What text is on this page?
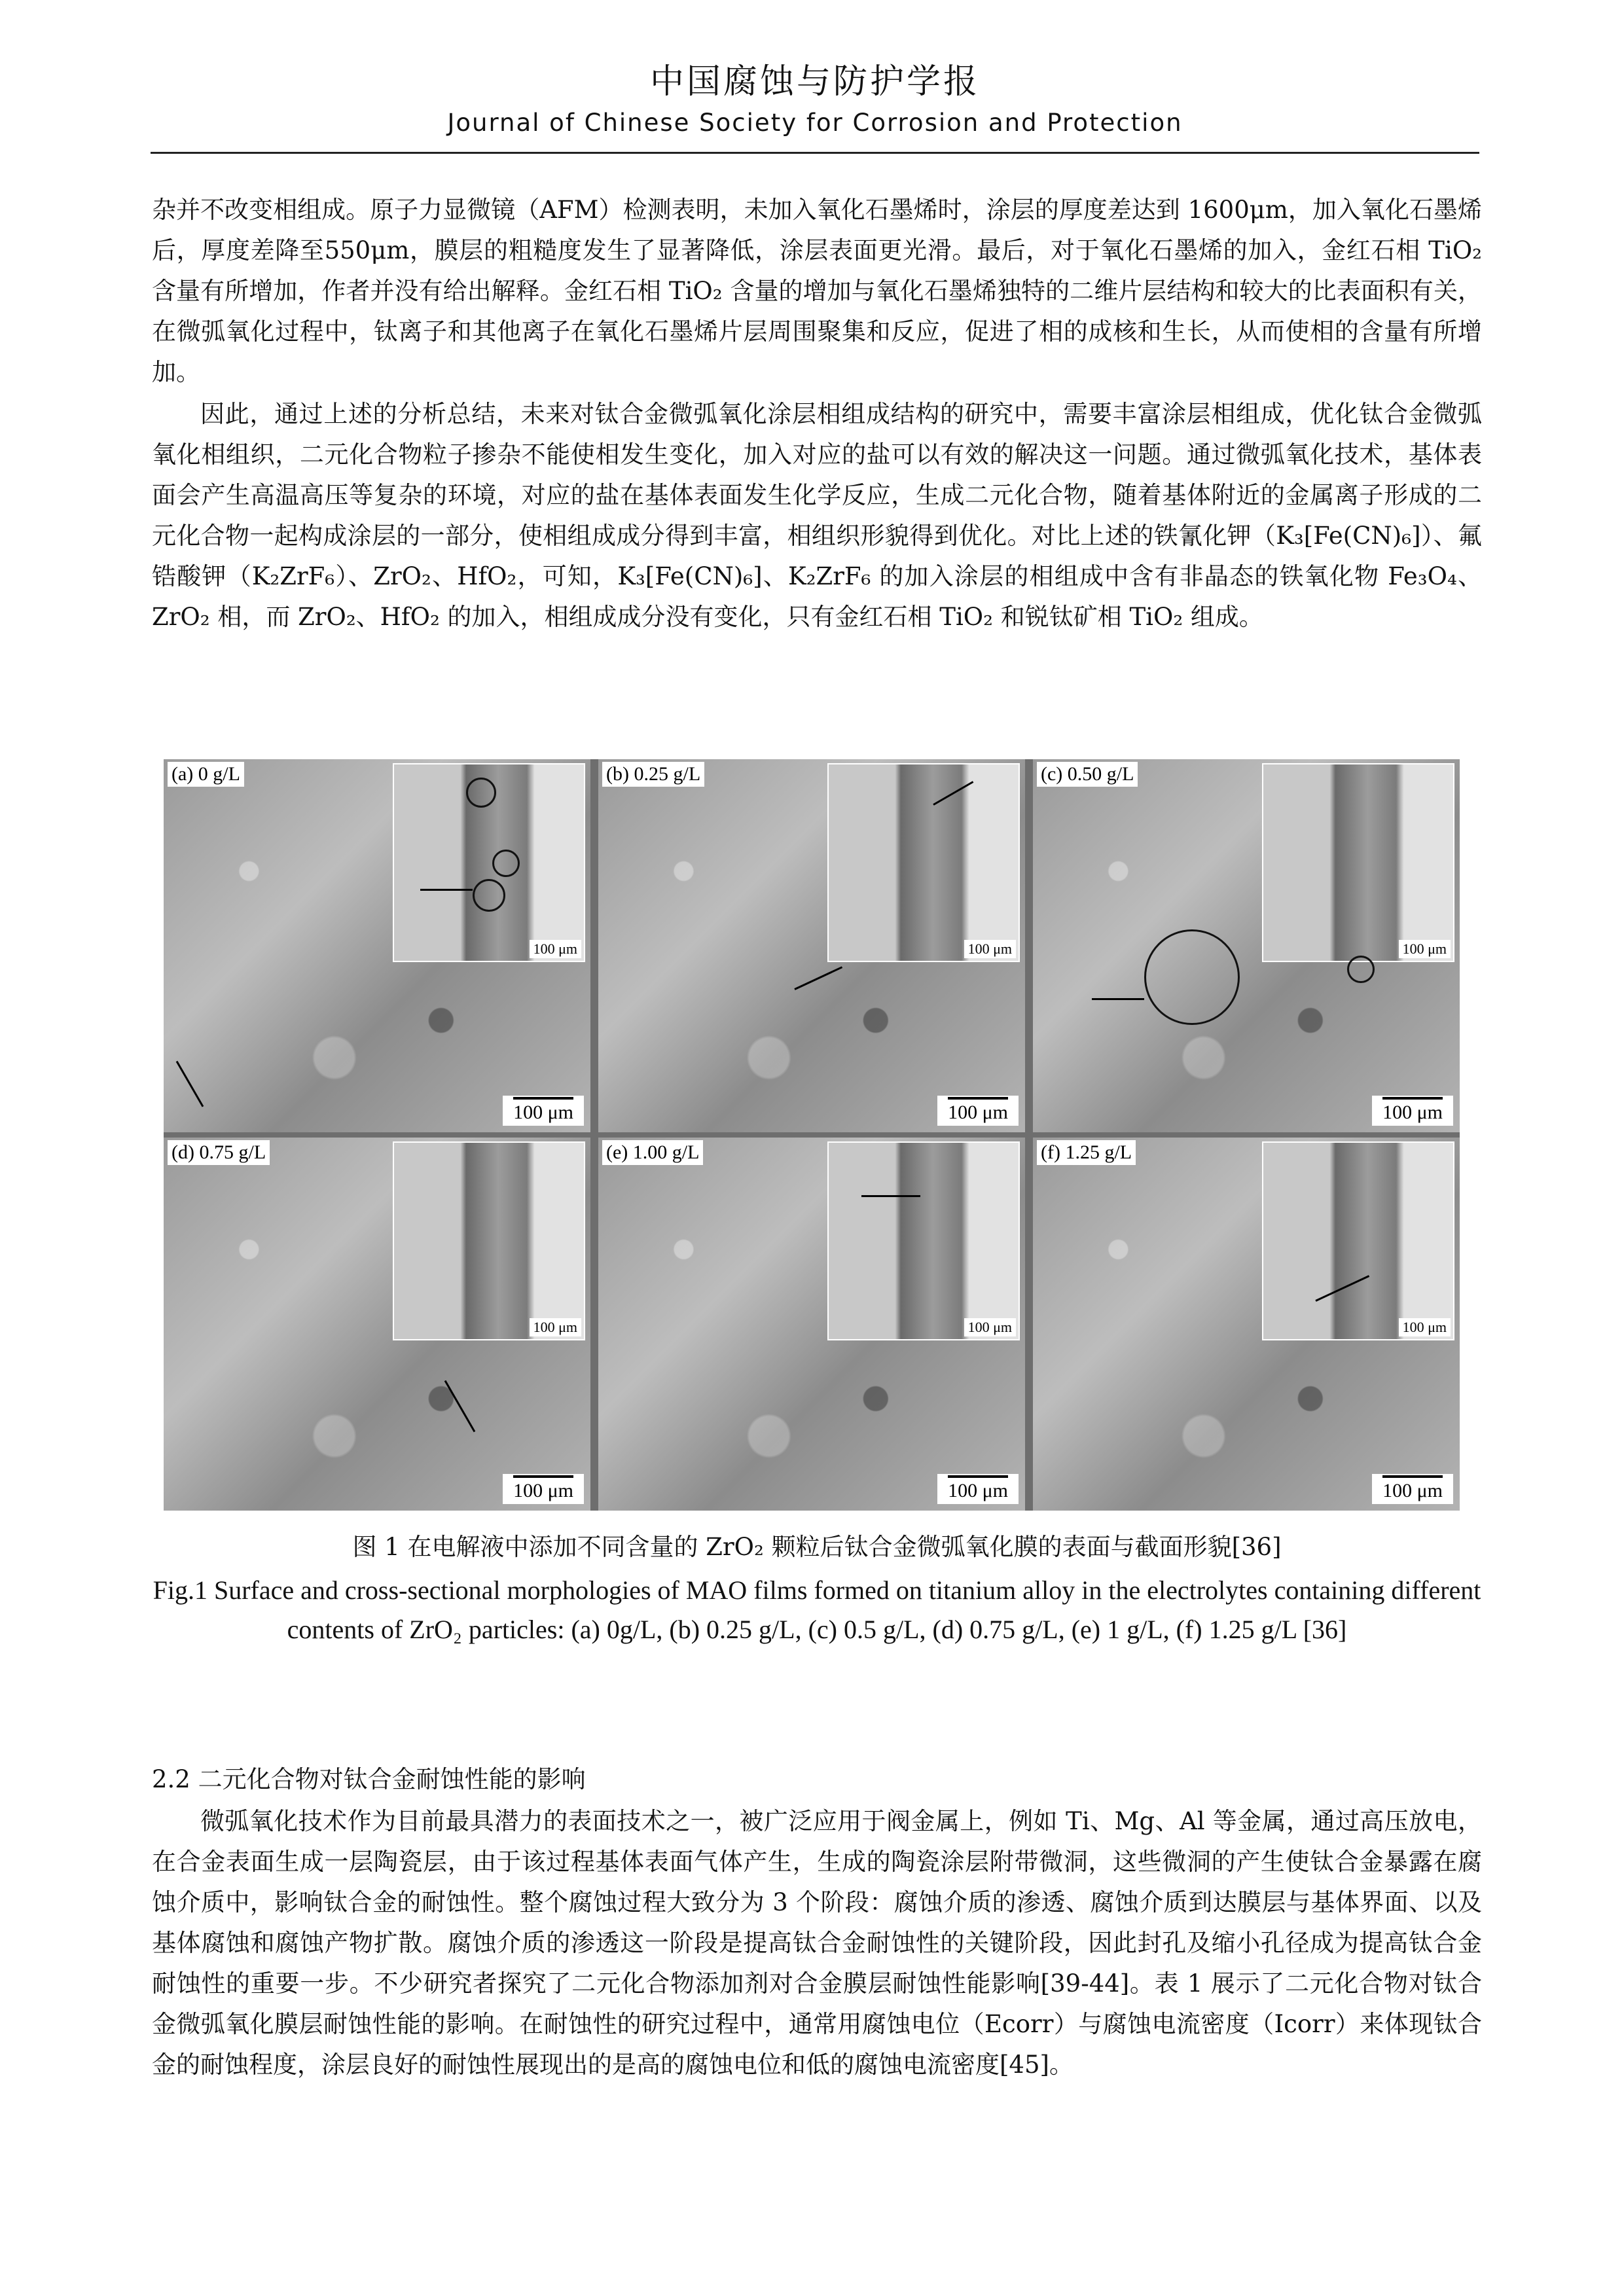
中国腐蚀与防护学报
Journal of Chinese Society for Corrosion and Protection

杂并不改变相组成。原子力显微镜（AFM）检测表明，未加入氧化石墨烯时，涂层的厚度差达到 1600μm，加入氧化石墨烯后，厚度差降至550μm，膜层的粗糙度发生了显著降低，涂层表面更光滑。最后，对于氧化石墨烯的加入，金红石相 TiO₂ 含量有所增加，作者并没有给出解释。金红石相 TiO₂ 含量的增加与氧化石墨烯独特的二维片层结构和较大的比表面积有关，在微弧氧化过程中，钛离子和其他离子在氧化石墨烯片层周围聚集和反应，促进了相的成核和生长，从而使相的含量有所增加。

因此，通过上述的分析总结，未来对钛合金微弧氧化涂层相组成结构的研究中，需要丰富涂层相组成，优化钛合金微弧氧化相组织，二元化合物粒子掺杂不能使相发生变化，加入对应的盐可以有效的解决这一问题。通过微弧氧化技术，基体表面会产生高温高压等复杂的环境，对应的盐在基体表面发生化学反应，生成二元化合物，随着基体附近的金属离子形成的二元化合物一起构成涂层的一部分，使相组成成分得到丰富，相组织形貌得到优化。对比上述的铁氰化钾（K₃[Fe(CN)₆]）、氟锆酸钾（K₂ZrF₆）、ZrO₂、HfO₂，可知，K₃[Fe(CN)₆]、K₂ZrF₆ 的加入涂层的相组成中含有非晶态的铁氧化物 Fe₃O₄、ZrO₂ 相，而 ZrO₂、HfO₂ 的加入，相组成成分没有变化，只有金红石相 TiO₂ 和锐钛矿相 TiO₂ 组成。

100 μm
(a) 0 g/L
100 μm
100 μm
(b) 0.25 g/L
100 μm
100 μm
(c) 0.50 g/L
100 μm
100 μm
(d) 0.75 g/L
100 μm
100 μm
(e) 1.00 g/L
100 μm
100 μm
(f) 1.25 g/L
100 μm
图 1 在电解液中添加不同含量的 ZrO₂ 颗粒后钛合金微弧氧化膜的表面与截面形貌[36]
Fig.1 Surface and cross-sectional morphologies of MAO films formed on titanium alloy in the electrolytes containing different contents of ZrO₂ particles: (a) 0g/L, (b) 0.25 g/L, (c) 0.5 g/L, (d) 0.75 g/L, (e) 1 g/L, (f) 1.25 g/L [36]
2.2 二元化合物对钛合金耐蚀性能的影响

微弧氧化技术作为目前最具潜力的表面技术之一，被广泛应用于阀金属上，例如 Ti、Mg、Al 等金属，通过高压放电，在合金表面生成一层陶瓷层，由于该过程基体表面气体产生，生成的陶瓷涂层附带微洞，这些微洞的产生使钛合金暴露在腐蚀介质中，影响钛合金的耐蚀性。整个腐蚀过程大致分为 3 个阶段：腐蚀介质的渗透、腐蚀介质到达膜层与基体界面、以及基体腐蚀和腐蚀产物扩散。腐蚀介质的渗透这一阶段是提高钛合金耐蚀性的关键阶段，因此封孔及缩小孔径成为提高钛合金耐蚀性的重要一步。不少研究者探究了二元化合物添加剂对合金膜层耐蚀性能影响[39-44]。表 1 展示了二元化合物对钛合金微弧氧化膜层耐蚀性能的影响。在耐蚀性的研究过程中，通常用腐蚀电位（Ecorr）与腐蚀电流密度（Icorr）来体现钛合金的耐蚀程度，涂层良好的耐蚀性展现出的是高的腐蚀电位和低的腐蚀电流密度[45]。
